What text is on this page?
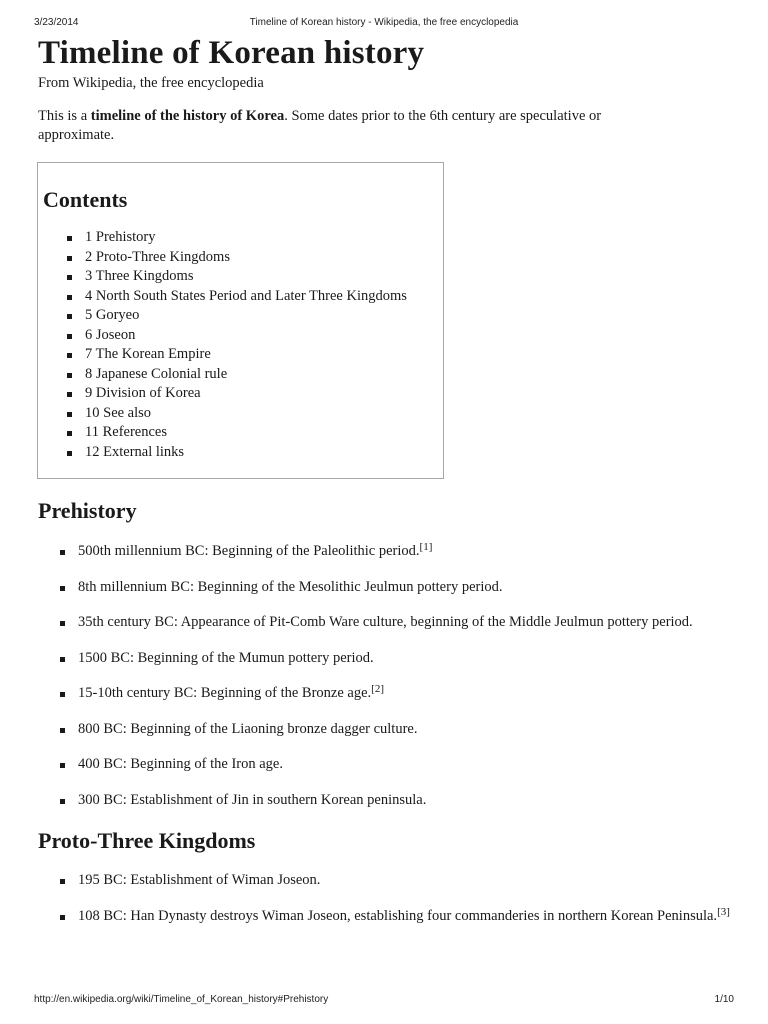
3/23/2014	Timeline of Korean history - Wikipedia, the free encyclopedia
Timeline of Korean history

From Wikipedia, the free encyclopedia

This is a timeline of the history of Korea. Some dates prior to the 6th century are speculative or approximate.

Contents
1 Prehistory
2 Proto-Three Kingdoms
3 Three Kingdoms
4 North South States Period and Later Three Kingdoms
5 Goryeo
6 Joseon
7 The Korean Empire
8 Japanese Colonial rule
9 Division of Korea
10 See also
11 References
12 External links
Prehistory
500th millennium BC: Beginning of the Paleolithic period.[1]
8th millennium BC: Beginning of the Mesolithic Jeulmun pottery period.
35th century BC: Appearance of Pit-Comb Ware culture, beginning of the Middle Jeulmun pottery period.
1500 BC: Beginning of the Mumun pottery period.
15-10th century BC: Beginning of the Bronze age.[2]
800 BC: Beginning of the Liaoning bronze dagger culture.
400 BC: Beginning of the Iron age.
300 BC: Establishment of Jin in southern Korean peninsula.
Proto-Three Kingdoms
195 BC: Establishment of Wiman Joseon.
108 BC: Han Dynasty destroys Wiman Joseon, establishing four commanderies in northern Korean Peninsula.[3]
http://en.wikipedia.org/wiki/Timeline_of_Korean_history#Prehistory	1/10
